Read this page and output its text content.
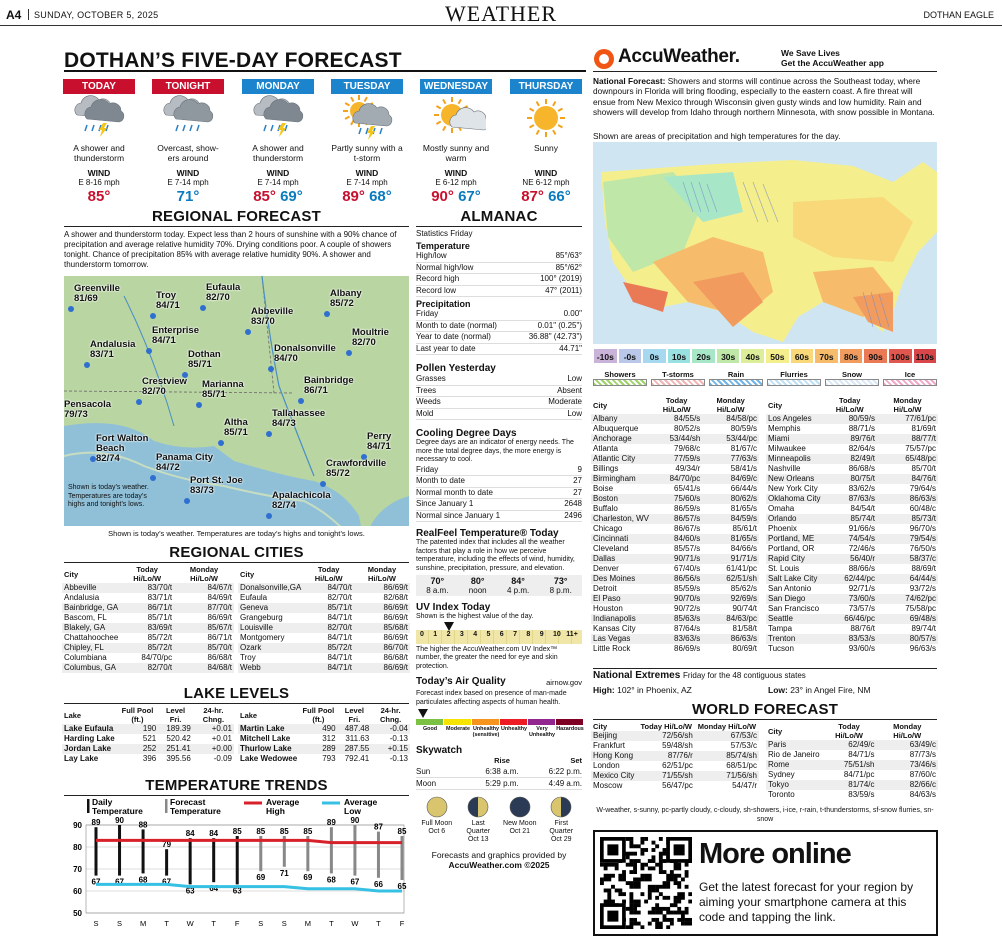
A4 SUNDAY, OCTOBER 5, 2025	WEATHER	DOTHAN EAGLE
DOTHAN’S FIVE-DAY FORECAST
TODAY
A shower and thunderstorm
WIND
E 8-16 mph
85°
TONIGHT
Overcast, show- ers around
WIND
E 7-14 mph
71°
MONDAY
A shower and thunderstorm
WIND
E 7-14 mph
85° 69°
TUESDAY
Partly sunny with a t-storm
WIND
E 7-14 mph
89° 68°
WEDNESDAY
Mostly sunny and warm
WIND
E 6-12 mph
90° 67°
THURSDAY
Sunny
WIND
NE 6-12 mph
87° 66°
REGIONAL FORECAST
A shower and thunderstorm today. Expect less than 2 hours of sunshine with a 90% chance of precipitation and average relative humidity 70%. Drying conditions poor. A couple of showers tonight. Chance of precipitation 85% with average relative humidity 90%. A shower and thunderstorm tomorrow.
Greenville
81/69	Troy
84/71
Eufaula
82/70
Abbeville
83/70
Albany
85/72
Enterprise
84/71
Andalusia
83/71	Dothan
85/71
Donalsonville
84/70
Moultrie
82/70
Crestview
82/70
Marianna
85/71
Bainbridge
86/71
Pensacola
79/73
Altha
85/71
Tallahassee
84/73
Fort Walton Beach
82/74	Panama City
84/72
Perry
84/71
Crawfordville
85/72
Port St. Joe
83/73	Apalachicola
82/74
Shown is today’s weather. Temperatures are today’s highs and tonight’s lows.
Shown is today’s weather. Temperatures are today’s highs and tonight’s lows.
REGIONAL CITIES
City	Today Hi/Lo/W	Monday Hi/Lo/W
Abbeville	83/70/t	84/67/t
Andalusia	83/71/t	84/69/t
Bainbridge, GA	86/71/t	87/70/t
Bascom, FL	85/71/t	86/69/t
Blakely, GA	83/69/t	85/67/t
Chattahoochee	85/72/t	86/71/t
Chipley, FL	85/72/t	85/70/t
Columbiana	84/70/pc	86/68/t
Columbus, GA	82/70/t	84/68/t
City	Today Hi/Lo/W	Monday Hi/Lo/W
Donalsonville,GA	84/70/t	86/69/t
Eufaula	82/70/t	82/68/t
Geneva	85/71/t	86/69/t
Grangeburg	84/71/t	86/69/t
Louisville	82/70/t	85/68/t
Montgomery	84/71/t	86/69/t
Ozark	85/72/t	86/70/t
Troy	84/71/t	86/68/t
Webb	84/71/t	86/69/t
LAKE LEVELS
Lake	Full Pool (ft.)	Level Fri.	24-hr. Chng.
Lake Eufaula	190	189.39	+0.01
Harding Lake	521	520.42	+0.01
Jordan Lake	252	251.41	+0.00
Lay Lake	396	395.56	-0.09
Lake	Full Pool (ft.)	Level Fri.	24-hr. Chng.
Martin Lake	490	487.48	-0.04
Mitchell Lake	312	311.63	-0.13
Thurlow Lake	289	287.55	+0.15
Lake Wedowee	793	792.41	-0.13
TEMPERATURE TRENDS
Daily
Temperature
Forecast
Temperature
Average
High
Average
Low
50
60
70
80
90 89
67
S
90
67
S
88
68
M
79
67
T
84
63
W
84
64
T
85
63
F
85
69
S
85
71
S
85
69
M
89
68
T
90
67
W
87
66
T
85
65
F
ALMANAC
Statistics Friday
Temperature
High/low	85°/63°
Normal high/low	85°/62°
Record high	100° (2019)
Record low	47° (2011)
Precipitation
Friday	0.00"
Month to date (normal)	0.01" (0.25")
Year to date (normal)	36.88" (42.73")
Last year to date	44.71"
Pollen Yesterday
Grasses	Low
Trees	Absent
Weeds	Moderate
Mold	Low
Cooling Degree Days
Degree days are an indicator of energy needs. The more the total degree days, the more energy is necessary to cool.
Friday	9
Month to date	27
Normal month to date	27
Since January 1	2648
Normal since January 1	2496
RealFeel Temperature® Today
The patented index that includes all the weather factors that play a role in how we perceive temperature, including the effects of wind, humidity, sunshine, precipitation, pressure, and elevation.
70°
8 a.m.
80°
noon
84°
4 p.m.
73°
8 p.m.
UV Index Today
Shown is the highest value of the day.
0 1 2 3 4 5 6 7 8 9 10 11+
The higher the AccuWeather.com UV Index™ number, the greater the need for eye and skin protection.
Today’s Air Quality	airnow.gov
Forecast index based on presence of man-made particulates affecting aspects of human health.
Good	Moderate Unhealthy (sensitive)
Unhealthy	Very Unhealthy
Hazardous
Skywatch
Rise	Set
Sun	6:38 a.m.	6:22 p.m.
Moon	5:29 p.m.	4:49 a.m.
Full Moon
Oct 6
Last Quarter
Oct 13
New Moon
Oct 21
First Quarter
Oct 29
Forecasts and graphics provided by
AccuWeather.com ©2025
AccuWeather.	We Save Lives
Get the AccuWeather app
National Forecast: Showers and storms will continue across the Southeast today, where downpours in Florida will bring flooding, especially to the eastern coast. A fire threat will ensue from New Mexico through Wisconsin given gusty winds and low humidity. Rain and showers will develop from Idaho through northern Minnesota, with snow possible in Montana.
Shown are areas of precipitation and high temperatures for the day.
-10s	-0s	0s	10s	20s	30s	40s	50s	60s	70s	80s	90s 100s 110s
Showers	T-storms	Rain	Flurries	Snow	Ice
City	Today Hi/Lo/W	Monday Hi/Lo/W
Albany	84/55/s	84/58/pc
Albuquerque	80/52/s	80/59/s
Anchorage	53/44/sh	53/44/pc
Atlanta	79/68/c	81/67/c
Atlantic City	77/59/s	77/63/s
Billings	49/34/r	58/41/s
Birmingham	84/70/pc	84/69/c
Boise	65/41/s	66/44/s
Boston	75/60/s	80/62/s
Buffalo	86/59/s	81/65/s
Charleston, WV	86/57/s	84/59/s
Chicago	86/67/s	85/61/t
Cincinnati	84/60/s	81/65/s
Cleveland	85/57/s	84/66/s
Dallas	90/71/s	91/71/s
Denver	67/40/s	61/41/pc
Des Moines	86/56/s	62/51/sh
Detroit	85/59/s	85/62/s
El Paso	90/70/s	92/69/s
Houston	90/72/s	90/74/t
Indianapolis	85/63/s	84/63/pc
Kansas City	87/64/s	81/58/t
Las Vegas	83/63/s	86/63/s
Little Rock	86/69/s	80/69/t
City	Today Hi/Lo/W	Monday Hi/Lo/W
Los Angeles	80/59/s	77/61/pc
Memphis	88/71/s	81/69/t
Miami	89/76/t	88/77/t
Milwaukee	82/64/s	75/57/pc
Minneapolis	82/49/t	65/48/pc
Nashville	86/68/s	85/70/t
New Orleans	80/75/t	84/76/t
New York City	83/62/s	79/64/s
Oklahoma City	87/63/s	86/63/s
Omaha	84/54/t	60/48/c
Orlando	85/74/t	85/73/t
Phoenix	91/66/s	96/70/s
Portland, ME	74/54/s	79/54/s
Portland, OR	72/46/s	76/50/s
Rapid City	56/40/r	58/37/c
St. Louis	88/66/s	88/69/t
Salt Lake City	62/44/pc	64/44/s
San Antonio	92/71/s	93/72/s
San Diego	73/60/s	74/62/pc
San Francisco	73/57/s	75/58/pc
Seattle	66/46/pc	69/48/s
Tampa	88/76/t	89/74/t
Trenton	83/53/s	80/57/s
Tucson	93/60/s	96/63/s
National Extremes Friday for the 48 contiguous states
High: 102° in Phoenix, AZ	Low: 23° in Angel Fire, NM
WORLD FORECAST
City	Today Hi/Lo/W	Monday Hi/Lo/W
Beijing	72/56/sh	67/53/c
Frankfurt	59/48/sh	57/53/c
Hong Kong	87/76/r	85/74/sh
London	62/51/pc	68/51/pc
Mexico City	71/55/sh	71/56/sh
Moscow	56/47/pc	54/47/r
City	Today Hi/Lo/W	Monday Hi/Lo/W
Paris	62/49/c	63/49/c
Rio de Janeiro	84/71/s	87/73/s
Rome	75/51/sh	73/46/s
Sydney	84/71/pc	87/60/c
Tokyo	81/74/c	82/66/c
Toronto	83/59/s	84/63/s
W-weather, s-sunny, pc-partly cloudy, c-cloudy, sh-showers, i-ice, r-rain, t-thunderstorms, sf-snow flurries, sn-snow
More online
Get the latest forecast for your region by aiming your smartphone camera at this code and tapping the link.
